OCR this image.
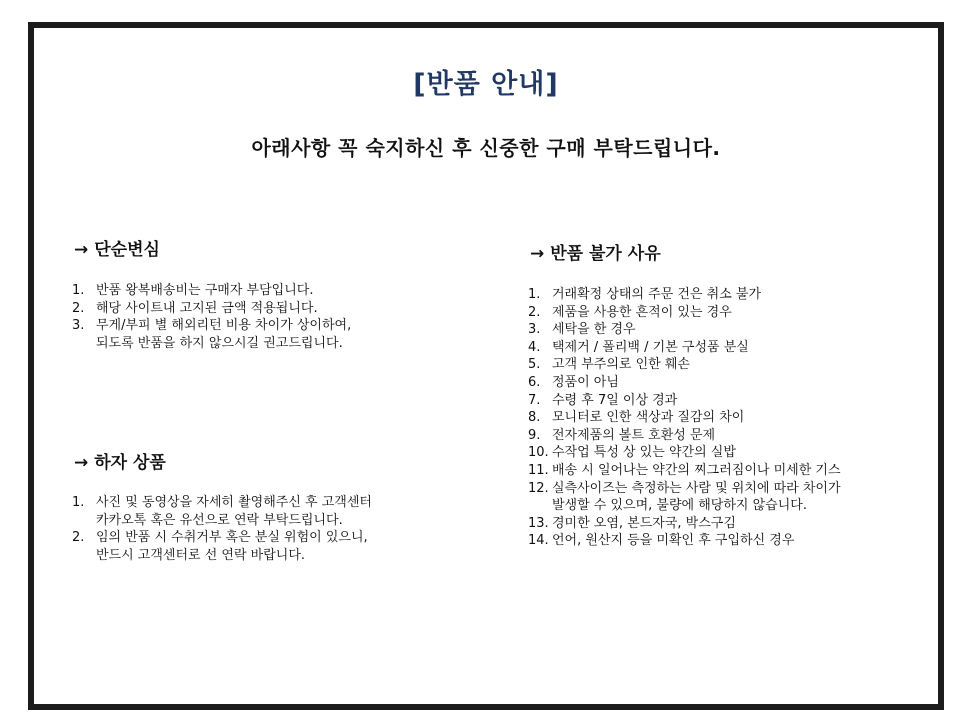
[반품 안내]
아래사항 꼭 숙지하신 후 신중한 구매 부탁드립니다.
→ 단순변심
1. 반품 왕복배송비는 구매자 부담입니다.
2. 해당 사이트내 고지된 금액 적용됩니다.
3. 무게/부피 별 해외리턴 비용 차이가 상이하여,
되도록 반품을 하지 않으시길 권고드립니다.
→ 하자 상품
1. 사진 및 동영상을 자세히 촬영해주신 후 고객센터
카카오톡 혹은 유선으로 연락 부탁드립니다.
2. 임의 반품 시 수취거부 혹은 분실 위험이 있으니,
반드시 고객센터로 선 연락 바랍니다.
→ 반품 불가 사유
1. 거래확정 상태의 주문 건은 취소 불가
2. 제품을 사용한 흔적이 있는 경우
3. 세탁을 한 경우
4. 택제거 / 폴리백 / 기본 구성품 분실
5. 고객 부주의로 인한 훼손
6. 정품이 아님
7. 수령 후 7일 이상 경과
8. 모니터로 인한 색상과 질감의 차이
9. 전자제품의 볼트 호환성 문제
10. 수작업 특성 상 있는 약간의 실밥
11. 배송 시 일어나는 약간의 찌그러짐이나 미세한 기스
12. 실측사이즈는 측정하는 사람 및 위치에 따라 차이가
발생할 수 있으며, 불량에 해당하지 않습니다.
13. 경미한 오염, 본드자국, 박스구김
14. 언어, 원산지 등을 미확인 후 구입하신 경우
